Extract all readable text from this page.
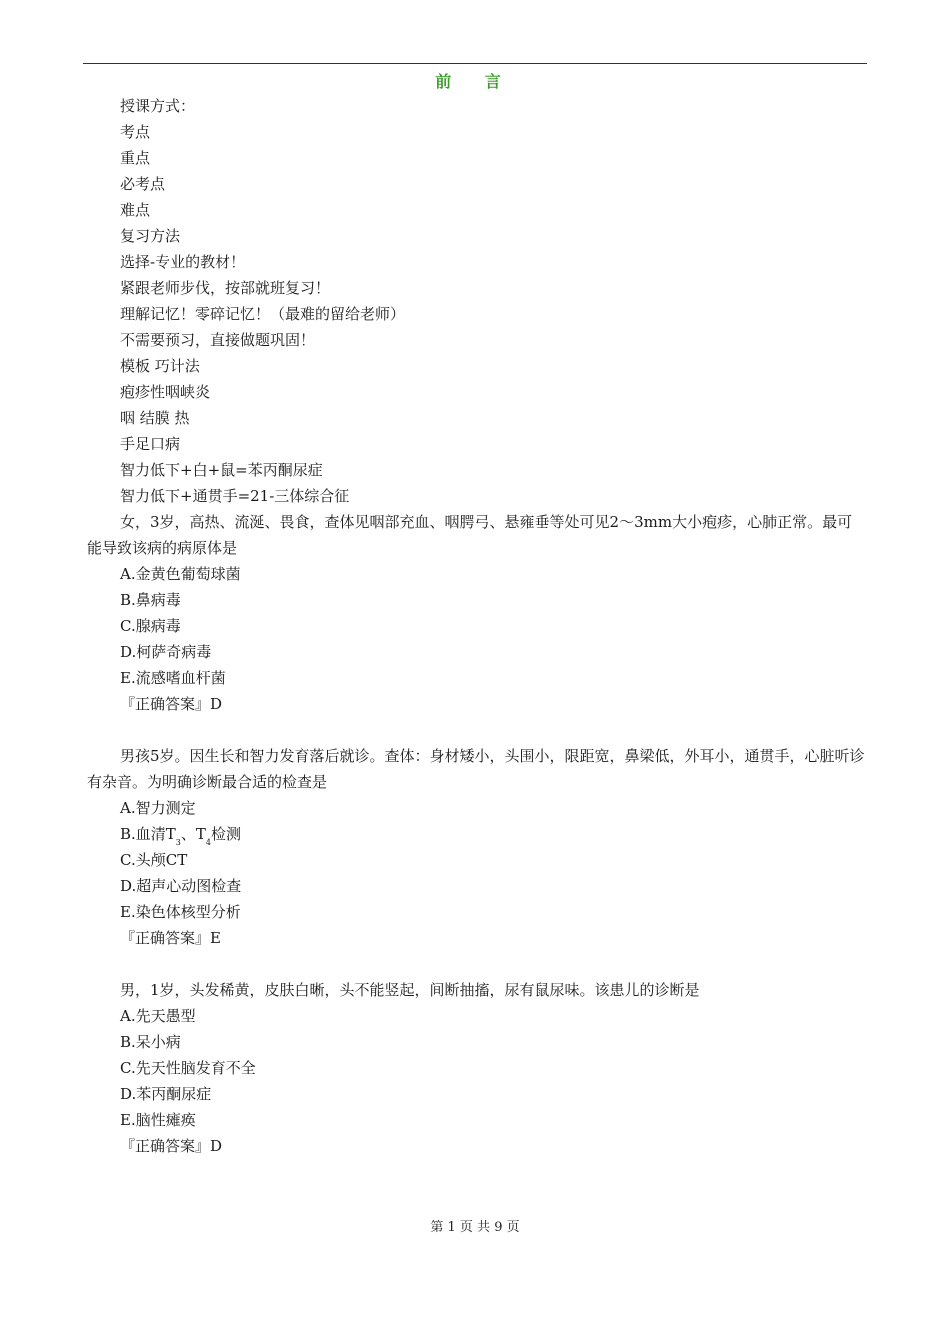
前 言
授课方式：
考点
重点
必考点
难点
复习方法
选择-专业的教材！
紧跟老师步伐，按部就班复习！
理解记忆！零碎记忆！（最难的留给老师）
不需要预习，直接做题巩固！
模板 巧计法
疱疹性咽峡炎
咽 结膜 热
手足口病
智力低下+白+鼠=苯丙酮尿症
智力低下+通贯手=21-三体综合征
女，3岁，高热、流涎、畏食，查体见咽部充血、咽腭弓、悬雍垂等处可见2～3mm大小疱疹，心肺正常。最可能导致该病的病原体是
A.金黄色葡萄球菌
B.鼻病毒
C.腺病毒
D.柯萨奇病毒
E.流感嗜血杆菌
『正确答案』D
男孩5岁。因生长和智力发育落后就诊。查体：身材矮小，头围小，限距宽，鼻梁低，外耳小，通贯手，心脏听诊有杂音。为明确诊断最合适的检查是
A.智力测定
B.血清$T_3$、$T_4$检测
C.头颅CT
D.超声心动图检查
E.染色体核型分析
『正确答案』E
男，1岁，头发稀黄，皮肤白晰，头不能竖起，间断抽搐，尿有鼠尿味。该患儿的诊断是
A.先天愚型
B.呆小病
C.先天性脑发育不全
D.苯丙酮尿症
E.脑性瘫痪
『正确答案』D
第 1 页 共 9 页
